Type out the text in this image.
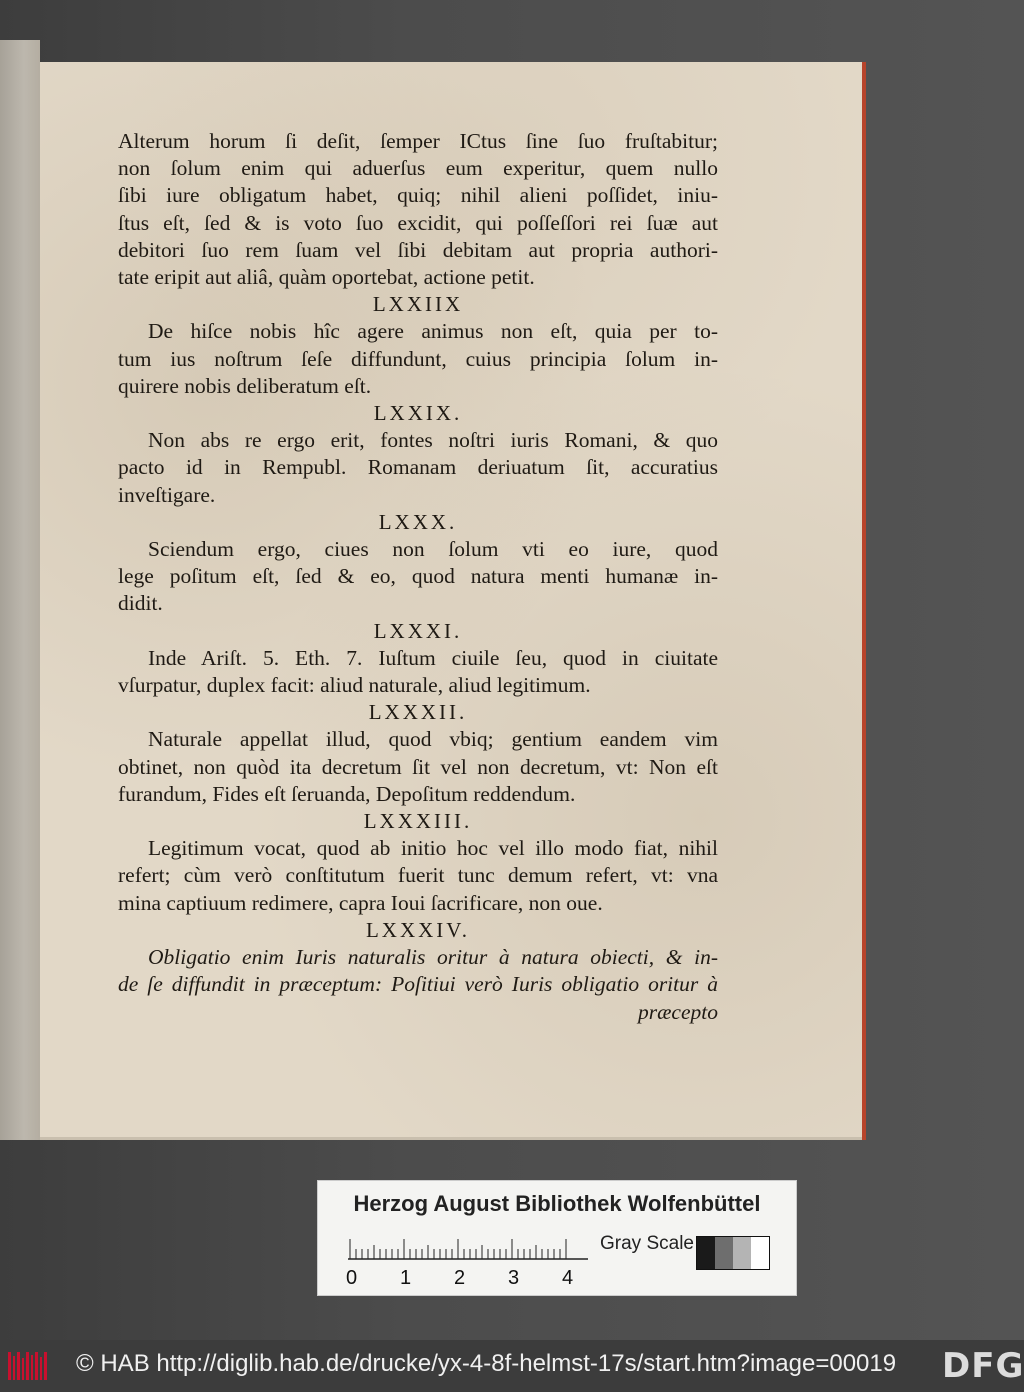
Alterum horum ſi deſit, ſemper ICtus ſine ſuo fruſtabitur;
non ſolum enim qui aduerſus eum experitur, quem nullo
ſibi iure obligatum habet, quiq; nihil alieni poſſidet, iniu-
ſtus eſt, ſed & is voto ſuo excidit, qui poſſeſſori rei ſuæ aut
debitori ſuo rem ſuam vel ſibi debitam aut propria authori-
tate eripit aut aliâ, quàm oportebat, actione petit.
LXXIIX
De hiſce nobis hîc agere animus non eſt, quia per to-
tum ius noſtrum ſeſe diffundunt, cuius principia ſolum in-
quirere nobis deliberatum eſt.
LXXIX.
Non abs re ergo erit, fontes noſtri iuris Romani, & quo
pacto id in Rempubl. Romanam deriuatum ſit, accuratius
inveſtigare.
LXXX.
Sciendum ergo, ciues non ſolum vti eo iure, quod
lege poſitum eſt, ſed & eo, quod natura menti humanæ in-
didit.
LXXXI.
Inde Ariſt. 5. Eth. 7. Iuſtum ciuile ſeu, quod in ciuitate
vſurpatur, duplex facit: aliud naturale, aliud legitimum.
LXXXII.
Naturale appellat illud, quod vbiq; gentium eandem vim
obtinet, non quòd ita decretum ſit vel non decretum, vt: Non eſt
furandum, Fides eſt ſeruanda, Depoſitum reddendum.
LXXXIII.
Legitimum vocat, quod ab initio hoc vel illo modo fiat, nihil
refert; cùm verò conſtitutum fuerit tunc demum refert, vt: vna
mina captiuum redimere, capra Ioui ſacrificare, non oue.
LXXXIV.
Obligatio enim Iuris naturalis oritur à natura obiecti, & in-
de ſe diffundit in præceptum: Poſitiui verò Iuris obligatio oritur à
præcepto
Herzog August Bibliothek Wolfenbüttel
0 1 2 3 4
Gray Scale
© HAB http://diglib.hab.de/drucke/yx-4-8f-helmst-17s/start.htm?image=00019 DFG
